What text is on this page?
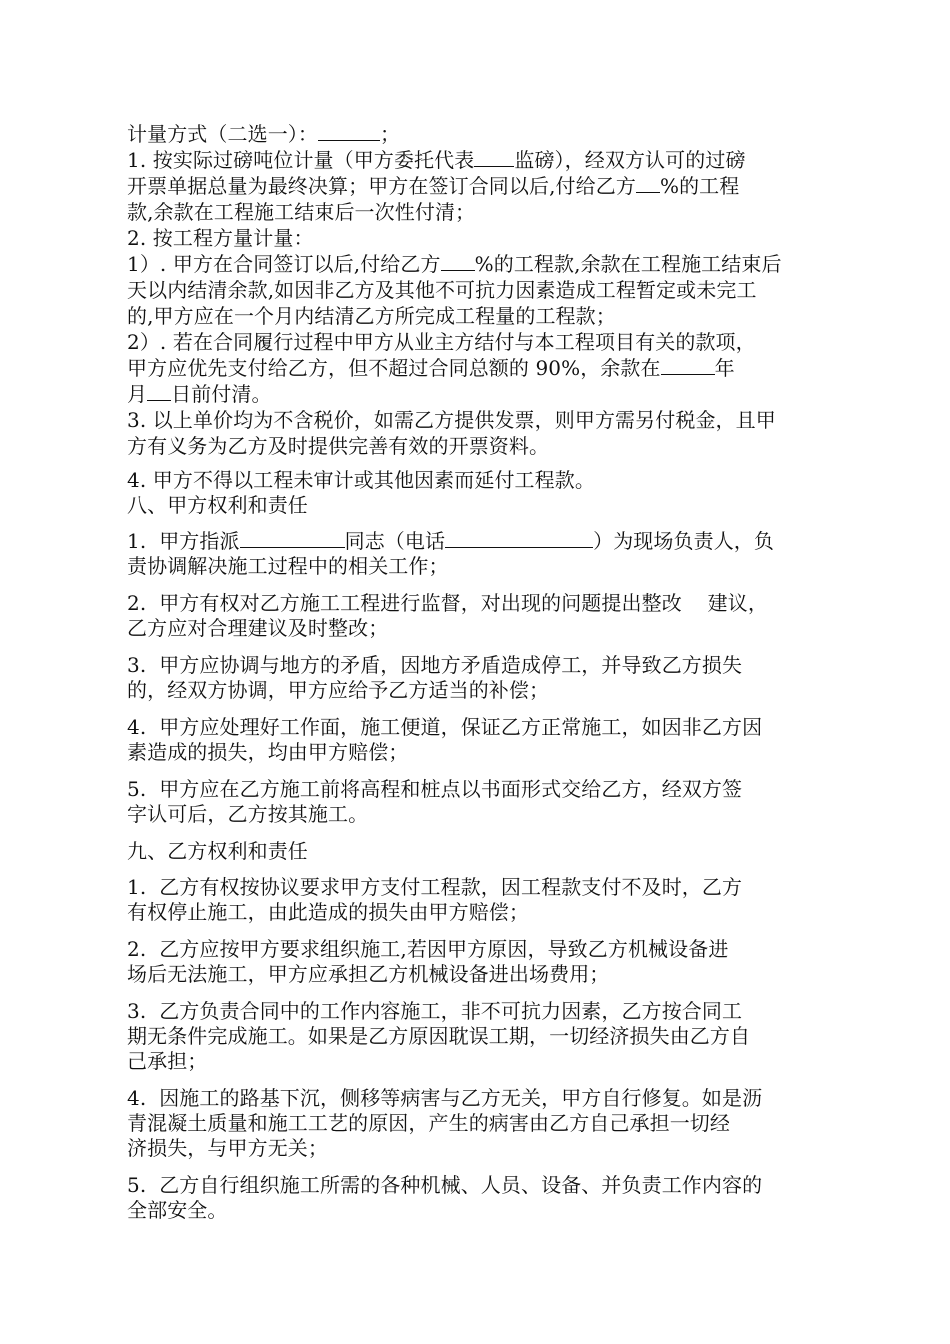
计量方式（二选一）：	；
1. 按实际过磅吨位计量（甲方委托代表 监磅），经双方认可的过磅
开票单据总量为最终决算；甲方在签订合同以后,付给乙方 %的工程
款,余款在工程施工结束后一次性付清；
2. 按工程方量计量：
1）. 甲方在合同签订以后,付给乙方 %的工程款,余款在工程施工结束后
天以内结清余款,如因非乙方及其他不可抗力因素造成工程暂定或未完工
的,甲方应在一个月内结清乙方所完成工程量的工程款；
2）. 若在合同履行过程中甲方从业主方结付与本工程项目有关的款项，
甲方应优先支付给乙方，但不超过合同总额的 90%，余款在	年
月 日前付清。
3. 以上单价均为不含税价，如需乙方提供发票，则甲方需另付税金，且甲
方有义务为乙方及时提供完善有效的开票资料。
4. 甲方不得以工程未审计或其他因素而延付工程款。
八、甲方权利和责任
1.  甲方指派	同志（电话	）为现场负责人，负
责协调解决施工过程中的相关工作；
2.  甲方有权对乙方施工工程进行监督，对出现的问题提出整改    建议，
乙方应对合理建议及时整改；
3.  甲方应协调与地方的矛盾，因地方矛盾造成停工，并导致乙方损失
的，经双方协调，甲方应给予乙方适当的补偿；
4.  甲方应处理好工作面，施工便道，保证乙方正常施工，如因非乙方因
素造成的损失，均由甲方赔偿；
5.  甲方应在乙方施工前将高程和桩点以书面形式交给乙方，经双方签
字认可后，乙方按其施工。
九、乙方权利和责任
1.  乙方有权按协议要求甲方支付工程款，因工程款支付不及时，乙方
有权停止施工，由此造成的损失由甲方赔偿；
2.  乙方应按甲方要求组织施工,若因甲方原因，导致乙方机械设备进
场后无法施工，甲方应承担乙方机械设备进出场费用；
3.  乙方负责合同中的工作内容施工，非不可抗力因素，乙方按合同工
期无条件完成施工。如果是乙方原因耽误工期，一切经济损失由乙方自
己承担；
4.  因施工的路基下沉，侧移等病害与乙方无关，甲方自行修复。如是沥
青混凝土质量和施工工艺的原因，产生的病害由乙方自己承担一切经
济损失，与甲方无关；
5.  乙方自行组织施工所需的各种机械、人员、设备、并负责工作内容的
全部安全。
